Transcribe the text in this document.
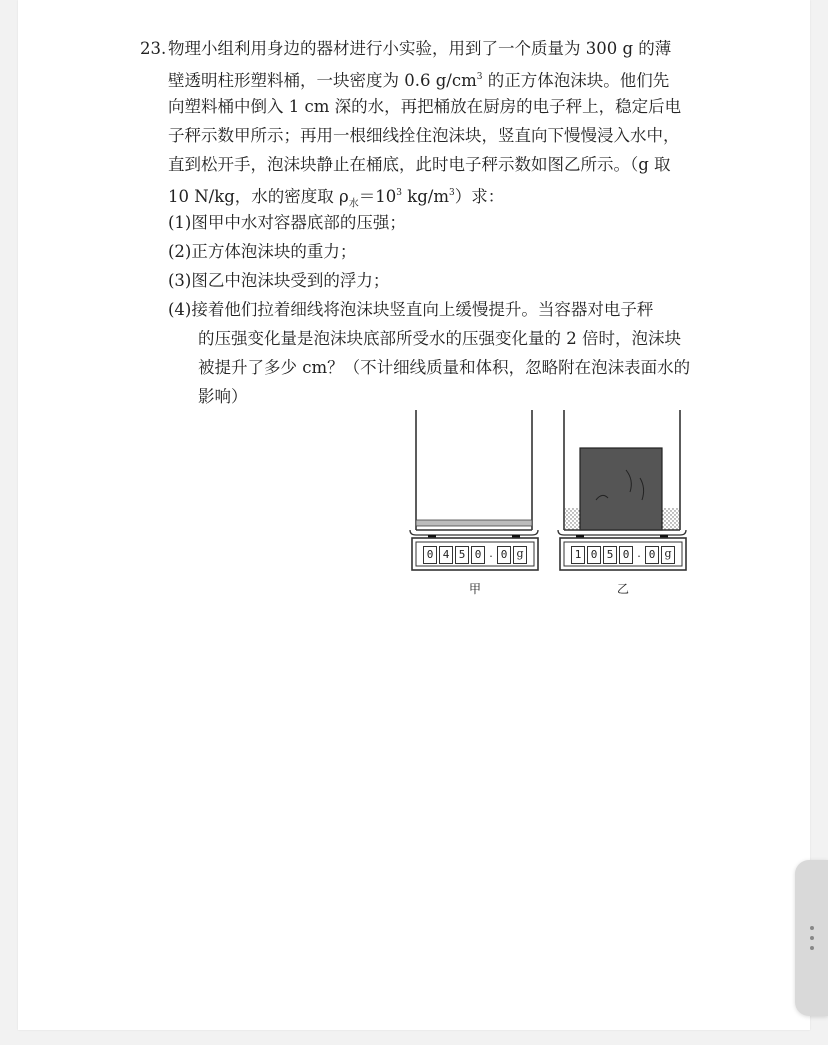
23. 物理小组利用身边的器材进行小实验，用到了一个质量为 300 g 的薄
壁透明柱形塑料桶，一块密度为 0.6 $g/cm^3$ 的正方体泡沫块。他们先
向塑料桶中倒入 1 cm 深的水，再把桶放在厨房的电子秤上，稳定后电
子秤示数甲所示；再用一根细线拴住泡沫块，竖直向下慢慢浸入水中，
直到松开手，泡沫块静止在桶底，此时电子秤示数如图乙所示。（g 取
10 N/kg，水的密度取 $\rho_水=10^3$ $kg/m^3$）求：
(1)图甲中水对容器底部的压强；
(2)正方体泡沫块的重力；
(3)图乙中泡沫块受到的浮力；
(4)接着他们拉着细线将泡沫块竖直向上缓慢提升。当容器对电子秤
的压强变化量是泡沫块底部所受水的压强变化量的 2 倍时，泡沫块
被提升了多少 cm？（不计细线质量和体积，忽略附在泡沫表面水的
影响）
0 4 5 0 . 0 g
甲
1 0 5 0 . 0 g
乙
